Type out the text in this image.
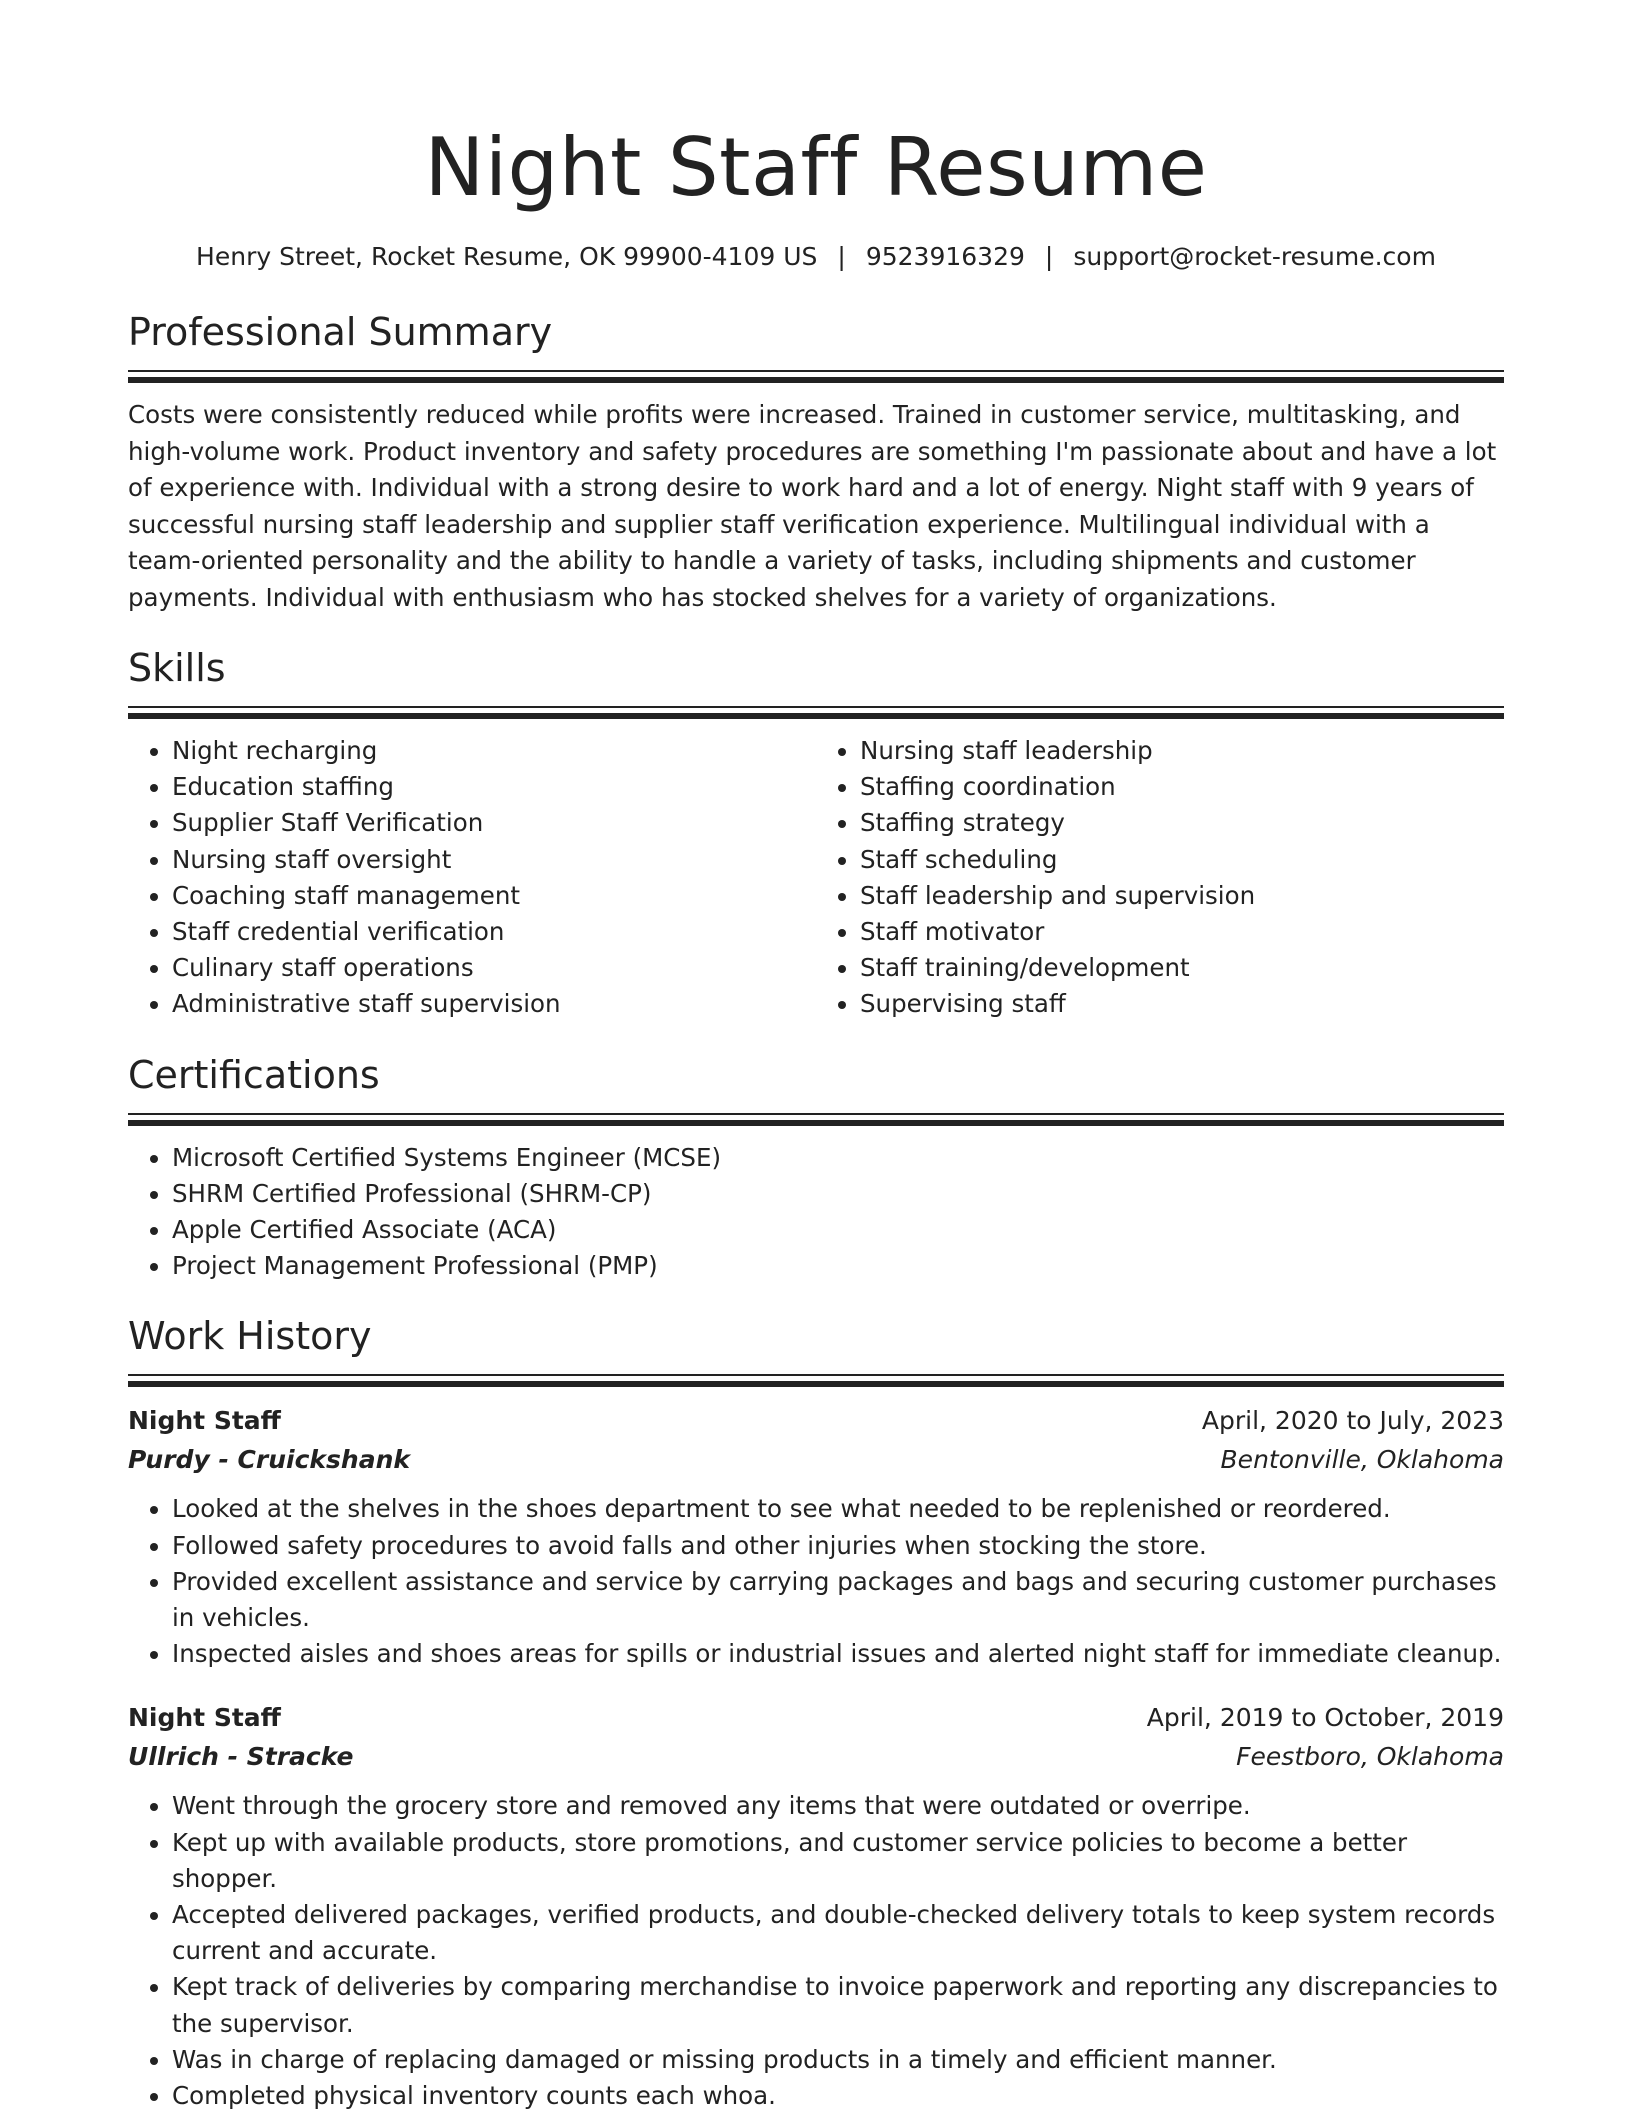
Night Staff Resume
Henry Street, Rocket Resume, OK 99900-4109 US | 9523916329 | support@rocket-resume.com
Professional Summary

Costs were consistently reduced while profits were increased. Trained in customer service, multitasking, and high-volume work. Product inventory and safety procedures are something I'm passionate about and have a lot of experience with. Individual with a strong desire to work hard and a lot of energy. Night staff with 9 years of successful nursing staff leadership and supplier staff verification experience. Multilingual individual with a team-oriented personality and the ability to handle a variety of tasks, including shipments and customer payments. Individual with enthusiasm who has stocked shelves for a variety of organizations.

Skills
• Night recharging
• Education staffing
• Supplier Staff Verification
• Nursing staff oversight
• Coaching staff management
• Staff credential verification
• Culinary staff operations
• Administrative staff supervision
• Nursing staff leadership
• Staffing coordination
• Staffing strategy
• Staff scheduling
• Staff leadership and supervision
• Staff motivator
• Staff training/development
• Supervising staff
Certifications
• Microsoft Certified Systems Engineer (MCSE)
• SHRM Certified Professional (SHRM-CP)
• Apple Certified Associate (ACA)
• Project Management Professional (PMP)
Work History
Night Staff	April, 2020 to July, 2023
Purdy - Cruickshank	Bentonville, Oklahoma
• Looked at the shelves in the shoes department to see what needed to be replenished or reordered.
• Followed safety procedures to avoid falls and other injuries when stocking the store.
• Provided excellent assistance and service by carrying packages and bags and securing customer purchases in vehicles.
• Inspected aisles and shoes areas for spills or industrial issues and alerted night staff for immediate cleanup.
Night Staff	April, 2019 to October, 2019
Ullrich - Stracke	Feestboro, Oklahoma
• Went through the grocery store and removed any items that were outdated or overripe.
• Kept up with available products, store promotions, and customer service policies to become a better shopper.
• Accepted delivered packages, verified products, and double-checked delivery totals to keep system records current and accurate.
• Kept track of deliveries by comparing merchandise to invoice paperwork and reporting any discrepancies to the supervisor.
• Was in charge of replacing damaged or missing products in a timely and efficient manner.
• Completed physical inventory counts each whoa.
